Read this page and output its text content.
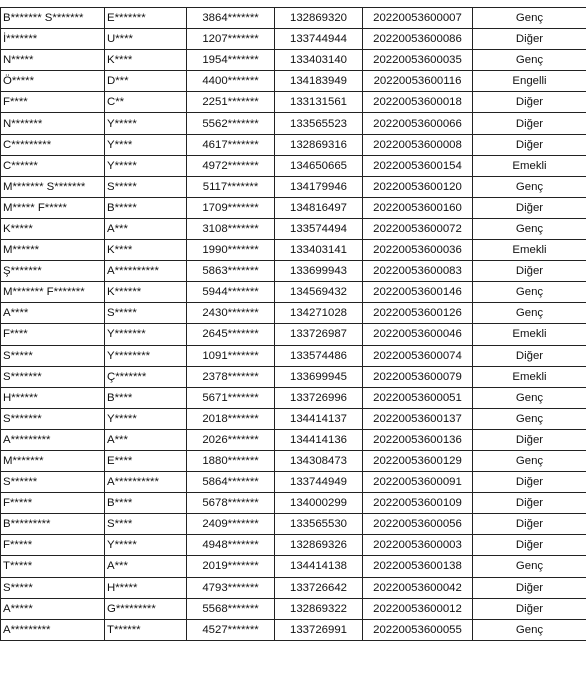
B******* S*******	E*******	3864*******	132869320	20220053600007	Genç
İ*******	U****	1207*******	133744944	20220053600086	Diğer
N*****	K****	1954*******	133403140	20220053600035	Genç
Ö*****	D***	4400*******	134183949	20220053600116	Engelli
F****	C**	2251*******	133131561	20220053600018	Diğer
N*******	Y*****	5562*******	133565523	20220053600066	Diğer
C*********	Y****	4617*******	132869316	20220053600008	Diğer
C******	Y*****	4972*******	134650665	20220053600154	Emekli
M******* S*******	S*****	5117*******	134179946	20220053600120	Genç
M***** F*****	B*****	1709*******	134816497	20220053600160	Diğer
K*****	A***	3108*******	133574494	20220053600072	Genç
M******	K****	1990*******	133403141	20220053600036	Emekli
Ş*******	A**********	5863*******	133699943	20220053600083	Diğer
M******* F*******	K******	5944*******	134569432	20220053600146	Genç
A****	S*****	2430*******	134271028	20220053600126	Genç
F****	Y*******	2645*******	133726987	20220053600046	Emekli
S*****	Y********	1091*******	133574486	20220053600074	Diğer
S*******	Ç*******	2378*******	133699945	20220053600079	Emekli
H******	B****	5671*******	133726996	20220053600051	Genç
S*******	Y*****	2018*******	134414137	20220053600137	Genç
A*********	A***	2026*******	134414136	20220053600136	Diğer
M*******	E****	1880*******	134308473	20220053600129	Genç
S******	A**********	5864*******	133744949	20220053600091	Diğer
F*****	B****	5678*******	134000299	20220053600109	Diğer
B*********	S****	2409*******	133565530	20220053600056	Diğer
F*****	Y*****	4948*******	132869326	20220053600003	Diğer
T*****	A***	2019*******	134414138	20220053600138	Genç
S*****	H*****	4793*******	133726642	20220053600042	Diğer
A*****	G*********	5568*******	132869322	20220053600012	Diğer
A*********	T******	4527*******	133726991	20220053600055	Genç
